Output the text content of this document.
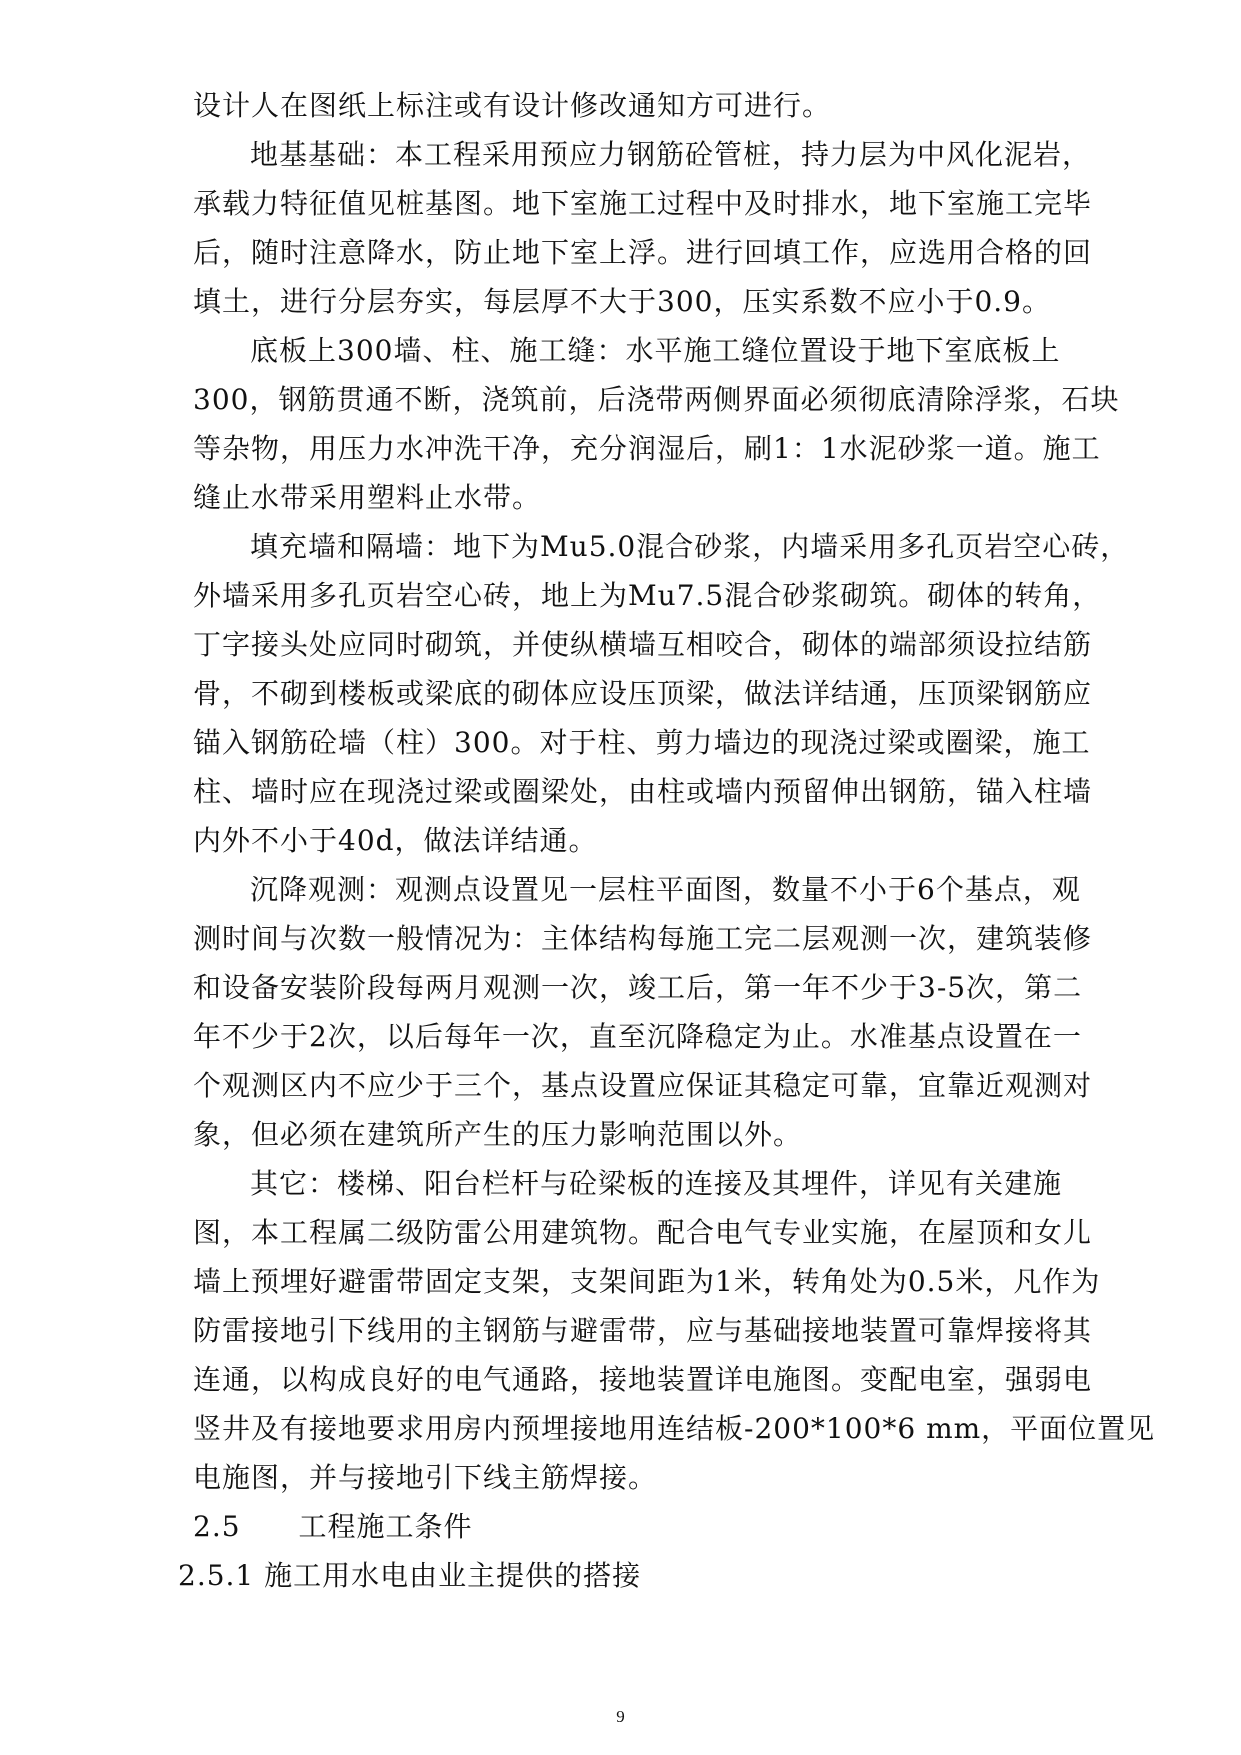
设计人在图纸上标注或有设计修改通知方可进行。
地基基础：本工程采用预应力钢筋砼管桩，持力层为中风化泥岩，
承载力特征值见桩基图。地下室施工过程中及时排水，地下室施工完毕
后，随时注意降水，防止地下室上浮。进行回填工作，应选用合格的回
填土，进行分层夯实，每层厚不大于300，压实系数不应小于0.9。
底板上300墙、柱、施工缝：水平施工缝位置设于地下室底板上
300，钢筋贯通不断，浇筑前，后浇带两侧界面必须彻底清除浮浆，石块
等杂物，用压力水冲洗干净，充分润湿后，刷1：1水泥砂浆一道。施工
缝止水带采用塑料止水带。
填充墙和隔墙：地下为Mu5.0混合砂浆，内墙采用多孔页岩空心砖，
外墙采用多孔页岩空心砖，地上为Mu7.5混合砂浆砌筑。砌体的转角，
丁字接头处应同时砌筑，并使纵横墙互相咬合，砌体的端部须设拉结筋
骨，不砌到楼板或梁底的砌体应设压顶梁，做法详结通，压顶梁钢筋应
锚入钢筋砼墙（柱）300。对于柱、剪力墙边的现浇过梁或圈梁，施工
柱、墙时应在现浇过梁或圈梁处，由柱或墙内预留伸出钢筋，锚入柱墙
内外不小于40d，做法详结通。
沉降观测：观测点设置见一层柱平面图，数量不小于6个基点，观
测时间与次数一般情况为：主体结构每施工完二层观测一次，建筑装修
和设备安装阶段每两月观测一次，竣工后，第一年不少于3-5次，第二
年不少于2次，以后每年一次，直至沉降稳定为止。水准基点设置在一
个观测区内不应少于三个，基点设置应保证其稳定可靠，宜靠近观测对
象，但必须在建筑所产生的压力影响范围以外。
其它：楼梯、阳台栏杆与砼梁板的连接及其埋件，详见有关建施
图，本工程属二级防雷公用建筑物。配合电气专业实施，在屋顶和女儿
墙上预埋好避雷带固定支架，支架间距为1米，转角处为0.5米，凡作为
防雷接地引下线用的主钢筋与避雷带，应与基础接地装置可靠焊接将其
连通，以构成良好的电气通路，接地装置详电施图。变配电室，强弱电
竖井及有接地要求用房内预埋接地用连结板-200*100*6 mm，平面位置见
电施图，并与接地引下线主筋焊接。
2.5　　工程施工条件
2.5.1 施工用水电由业主提供的搭接
9
